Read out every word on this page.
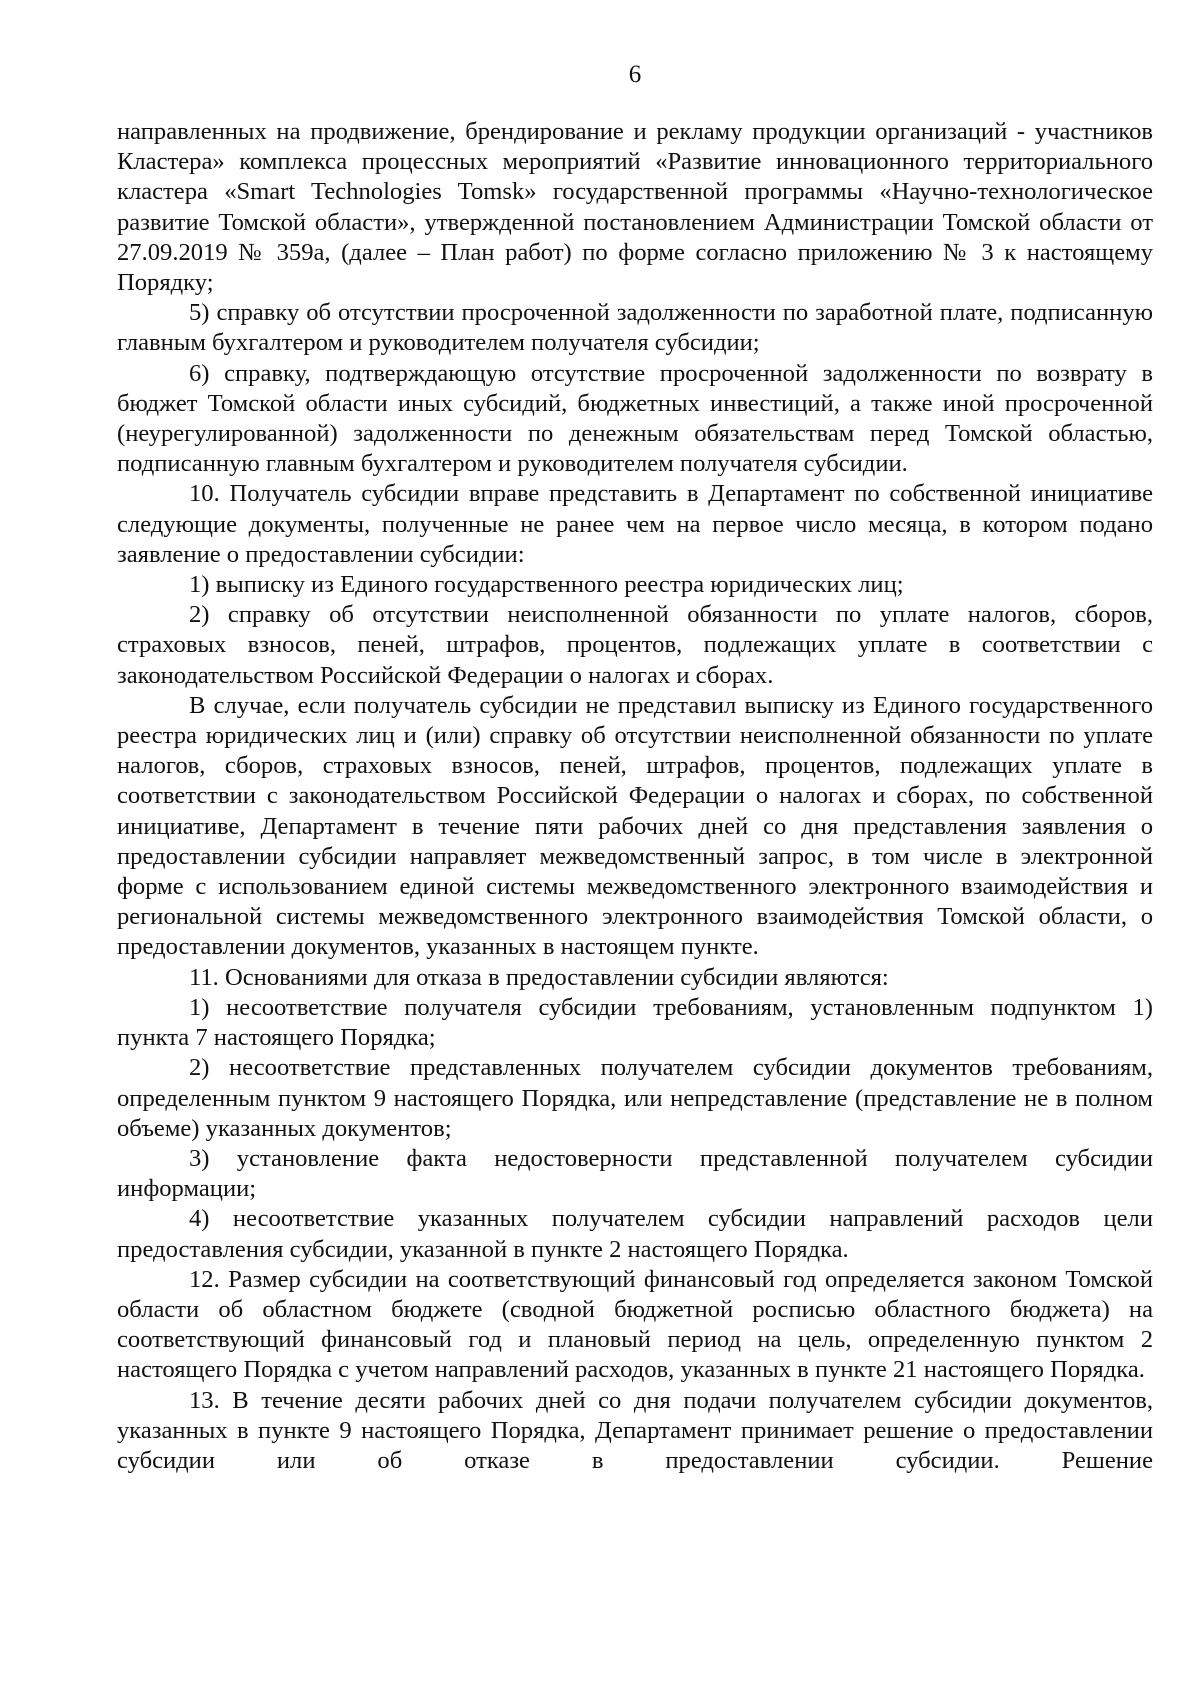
6

направленных на продвижение, брендирование и рекламу продукции организаций - участников Кластера» комплекса процессных мероприятий «Развитие инновационного территориального кластера «Smart Technologies Tomsk» государственной программы «Научно-технологическое развитие Томской области», утвержденной постановлением Администрации Томской области от 27.09.2019 № 359а, (далее – План работ) по форме согласно приложению № 3 к настоящему Порядку;

5) справку об отсутствии просроченной задолженности по заработной плате, подписанную главным бухгалтером и руководителем получателя субсидии;

6) справку, подтверждающую отсутствие просроченной задолженности по возврату в бюджет Томской области иных субсидий, бюджетных инвестиций, а также иной просроченной (неурегулированной) задолженности по денежным обязательствам перед Томской областью, подписанную главным бухгалтером и руководителем получателя субсидии.

10. Получатель субсидии вправе представить в Департамент по собственной инициативе следующие документы, полученные не ранее чем на первое число месяца, в котором подано заявление о предоставлении субсидии:

1) выписку из Единого государственного реестра юридических лиц;

2) справку об отсутствии неисполненной обязанности по уплате налогов, сборов, страховых взносов, пеней, штрафов, процентов, подлежащих уплате в соответствии с законодательством Российской Федерации о налогах и сборах.

В случае, если получатель субсидии не представил выписку из Единого государственного реестра юридических лиц и (или) справку об отсутствии неисполненной обязанности по уплате налогов, сборов, страховых взносов, пеней, штрафов, процентов, подлежащих уплате в соответствии с законодательством Российской Федерации о налогах и сборах, по собственной инициативе, Департамент в течение пяти рабочих дней со дня представления заявления о предоставлении субсидии направляет межведомственный запрос, в том числе в электронной форме с использованием единой системы межведомственного электронного взаимодействия и региональной системы межведомственного электронного взаимодействия Томской области, о предоставлении документов, указанных в настоящем пункте.

11. Основаниями для отказа в предоставлении субсидии являются:

1) несоответствие получателя субсидии требованиям, установленным подпунктом 1) пункта 7 настоящего Порядка;

2) несоответствие представленных получателем субсидии документов требованиям, определенным пунктом 9 настоящего Порядка, или непредставление (представление не в полном объеме) указанных документов;

3) установление факта недостоверности представленной получателем субсидии информации;

4) несоответствие указанных получателем субсидии направлений расходов цели предоставления субсидии, указанной в пункте 2 настоящего Порядка.

12. Размер субсидии на соответствующий финансовый год определяется законом Томской области об областном бюджете (сводной бюджетной росписью областного бюджета) на соответствующий финансовый год и плановый период на цель, определенную пунктом 2 настоящего Порядка с учетом направлений расходов, указанных в пункте 21 настоящего Порядка.

13. В течение десяти рабочих дней со дня подачи получателем субсидии документов, указанных в пункте 9 настоящего Порядка, Департамент принимает решение о предоставлении субсидии или об отказе в предоставлении субсидии. Решение
